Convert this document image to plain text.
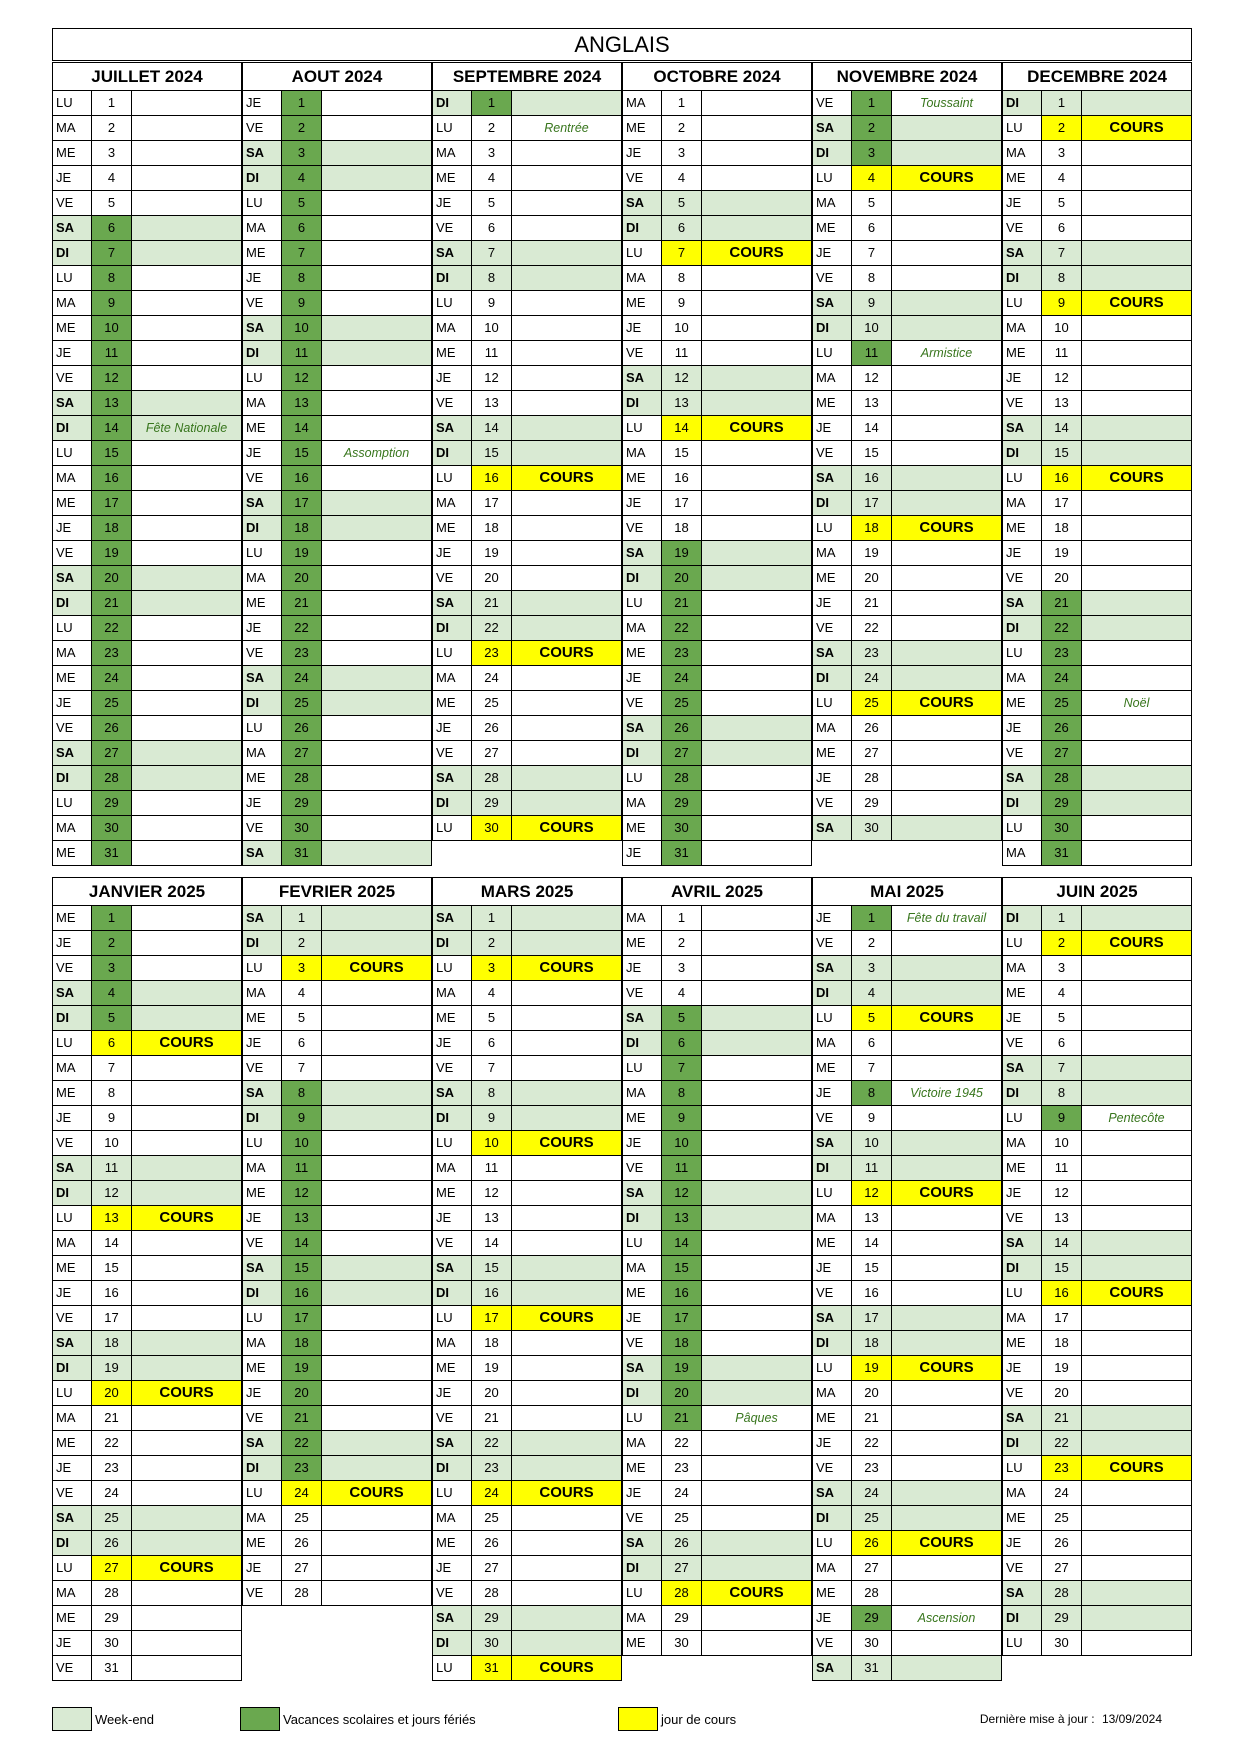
ANGLAIS
JUILLET 2024
LU	1
MA	2
ME	3
JE	4
VE	5
SA	6
DI	7
LU	8
MA	9
ME	10
JE	11
VE	12
SA	13
DI	14	Fête Nationale
LU	15
MA	16
ME	17
JE	18
VE	19
SA	20
DI	21
LU	22
MA	23
ME	24
JE	25
VE	26
SA	27
DI	28
LU	29
MA	30
ME	31
AOUT 2024
JE	1
VE	2
SA	3
DI	4
LU	5
MA	6
ME	7
JE	8
VE	9
SA	10
DI	11
LU	12
MA	13
ME	14
JE	15	Assomption
VE	16
SA	17
DI	18
LU	19
MA	20
ME	21
JE	22
VE	23
SA	24
DI	25
LU	26
MA	27
ME	28
JE	29
VE	30
SA	31
SEPTEMBRE 2024
DI	1
LU	2	Rentrée
MA	3
ME	4
JE	5
VE	6
SA	7
DI	8
LU	9
MA	10
ME	11
JE	12
VE	13
SA	14
DI	15
LU	16	COURS
MA	17
ME	18
JE	19
VE	20
SA	21
DI	22
LU	23	COURS
MA	24
ME	25
JE	26
VE	27
SA	28
DI	29
LU	30	COURS
OCTOBRE 2024
MA	1
ME	2
JE	3
VE	4
SA	5
DI	6
LU	7	COURS
MA	8
ME	9
JE	10
VE	11
SA	12
DI	13
LU	14	COURS
MA	15
ME	16
JE	17
VE	18
SA	19
DI	20
LU	21
MA	22
ME	23
JE	24
VE	25
SA	26
DI	27
LU	28
MA	29
ME	30
JE	31
NOVEMBRE 2024
VE	1	Toussaint
SA	2
DI	3
LU	4	COURS
MA	5
ME	6
JE	7
VE	8
SA	9
DI	10
LU	11	Armistice
MA	12
ME	13
JE	14
VE	15
SA	16
DI	17
LU	18	COURS
MA	19
ME	20
JE	21
VE	22
SA	23
DI	24
LU	25	COURS
MA	26
ME	27
JE	28
VE	29
SA	30
DECEMBRE 2024
DI	1
LU	2	COURS
MA	3
ME	4
JE	5
VE	6
SA	7
DI	8
LU	9	COURS
MA	10
ME	11
JE	12
VE	13
SA	14
DI	15
LU	16	COURS
MA	17
ME	18
JE	19
VE	20
SA	21
DI	22
LU	23
MA	24
ME	25	Noël
JE	26
VE	27
SA	28
DI	29
LU	30
MA	31
JANVIER 2025
ME	1
JE	2
VE	3
SA	4
DI	5
LU	6	COURS
MA	7
ME	8
JE	9
VE	10
SA	11
DI	12
LU	13	COURS
MA	14
ME	15
JE	16
VE	17
SA	18
DI	19
LU	20	COURS
MA	21
ME	22
JE	23
VE	24
SA	25
DI	26
LU	27	COURS
MA	28
ME	29
JE	30
VE	31
FEVRIER 2025
SA	1
DI	2
LU	3	COURS
MA	4
ME	5
JE	6
VE	7
SA	8
DI	9
LU	10
MA	11
ME	12
JE	13
VE	14
SA	15
DI	16
LU	17
MA	18
ME	19
JE	20
VE	21
SA	22
DI	23
LU	24	COURS
MA	25
ME	26
JE	27
VE	28
MARS 2025
SA	1
DI	2
LU	3	COURS
MA	4
ME	5
JE	6
VE	7
SA	8
DI	9
LU	10	COURS
MA	11
ME	12
JE	13
VE	14
SA	15
DI	16
LU	17	COURS
MA	18
ME	19
JE	20
VE	21
SA	22
DI	23
LU	24	COURS
MA	25
ME	26
JE	27
VE	28
SA	29
DI	30
LU	31	COURS
AVRIL 2025
MA	1
ME	2
JE	3
VE	4
SA	5
DI	6
LU	7
MA	8
ME	9
JE	10
VE	11
SA	12
DI	13
LU	14
MA	15
ME	16
JE	17
VE	18
SA	19
DI	20
LU	21	Pâques
MA	22
ME	23
JE	24
VE	25
SA	26
DI	27
LU	28	COURS
MA	29
ME	30
MAI 2025
JE	1	Fête du travail
VE	2
SA	3
DI	4
LU	5	COURS
MA	6
ME	7
JE	8	Victoire 1945
VE	9
SA	10
DI	11
LU	12	COURS
MA	13
ME	14
JE	15
VE	16
SA	17
DI	18
LU	19	COURS
MA	20
ME	21
JE	22
VE	23
SA	24
DI	25
LU	26	COURS
MA	27
ME	28
JE	29	Ascension
VE	30
SA	31
JUIN 2025
DI	1
LU	2	COURS
MA	3
ME	4
JE	5
VE	6
SA	7
DI	8
LU	9	Pentecôte
MA	10
ME	11
JE	12
VE	13
SA	14
DI	15
LU	16	COURS
MA	17
ME	18
JE	19
VE	20
SA	21
DI	22
LU	23	COURS
MA	24
ME	25
JE	26
VE	27
SA	28
DI	29
LU	30
Week-end	Vacances scolaires et jours fériés	jour de cours	Dernière mise à jour : 13/09/2024
